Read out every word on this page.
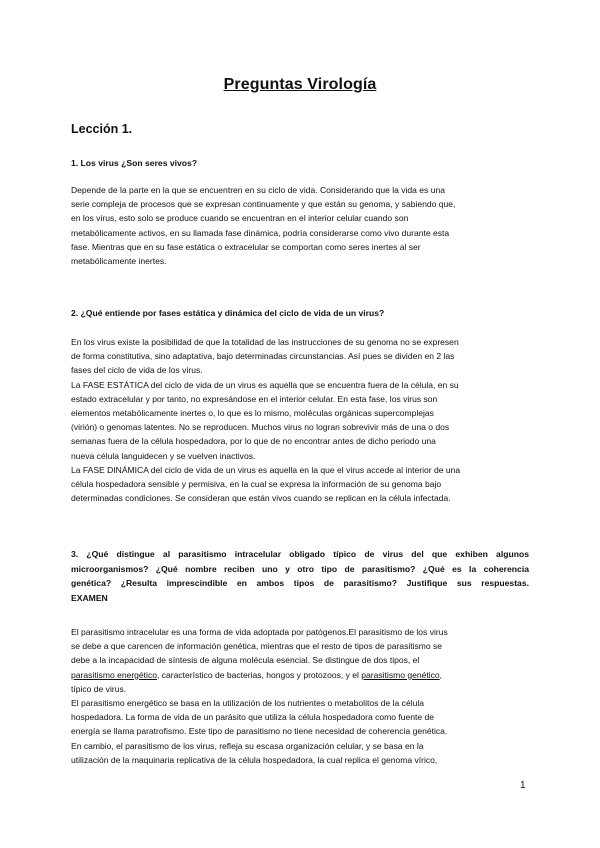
Preguntas Virología
Lección 1.
1. Los virus ¿Son seres vivos?
Depende de la parte en la que se encuentren en su ciclo de vida. Considerando que la vida es una
serie compleja de procesos que se expresan continuamente y que están su genoma, y sabiendo que,
en los virus, esto solo se produce cuando se encuentran en el interior celular cuando son
metabólicamente activos, en su llamada fase dinámica, podría considerarse como vivo durante esta
fase. Mientras que en su fase estática o extracelular se comportan como seres inertes al ser
metabólicamente inertes.
2. ¿Qué entiende por fases estática y dinámica del ciclo de vida de un virus?
En los virus existe la posibilidad de que la totalidad de las instrucciones de su genoma no se expresen
de forma constitutiva, sino adaptativa, bajo determinadas circunstancias. Así pues se dividen en 2 las
fases del ciclo de vida de los virus.
La FASE ESTÁTICA del ciclo de vida de un virus es aquella que se encuentra fuera de la célula, en su
estado extracelular y por tanto, no expresándose en el interior celular. En esta fase, los virus son
elementos metabólicamente inertes o, lo que es lo mismo, moléculas orgánicas supercomplejas
(virión) o genomas latentes. No se reproducen. Muchos virus no logran sobrevivir más de una o dos
semanas fuera de la célula hospedadora, por lo que de no encontrar antes de dicho periodo una
nueva célula languidecen y se vuelven inactivos.
La FASE DINÁMICA del ciclo de vida de un virus es aquella en la que el virus accede al interior de una
célula hospedadora sensible y permisiva, en la cual se expresa la información de su genoma bajo
determinadas condiciones. Se consideran que están vivos cuando se replican en la célula infectada.
3. ¿Qué distingue al parasitismo intracelular obligado típico de virus del que exhiben algunos
microorganismos? ¿Qué nombre reciben uno y otro tipo de parasitismo? ¿Qué es la coherencia
genética? ¿Resulta imprescindible en ambos tipos de parasitismo? Justifique sus respuestas.
EXAMEN
El parasitismo intracelular es una forma de vida adoptada por patógenos.El parasitismo de los virus
se debe a que carencen de información genética, mientras que el resto de tipos de parasitismo se
debe a la incapacidad de síntesis de alguna molécula esencial. Se distingue de dos tipos, el
parasitismo energético, característico de bacterias, hongos y protozoos, y el parasitismo genético,
típico de virus.
El parasitismo energético se basa en la utilización de los nutrientes o metabolitos de la célula
hospedadora. La forma de vida de un parásito que utiliza la célula hospedadora como fuente de
energía se llama paratrofismo. Este tipo de parasitismo no tiene necesidad de coherencia genética.
En cambio, el parasitismo de los virus, refleja su escasa organización celular, y se basa en la
utilización de la maquinaria replicativa de la célula hospedadora, la cual replica el genoma vírico,
1
